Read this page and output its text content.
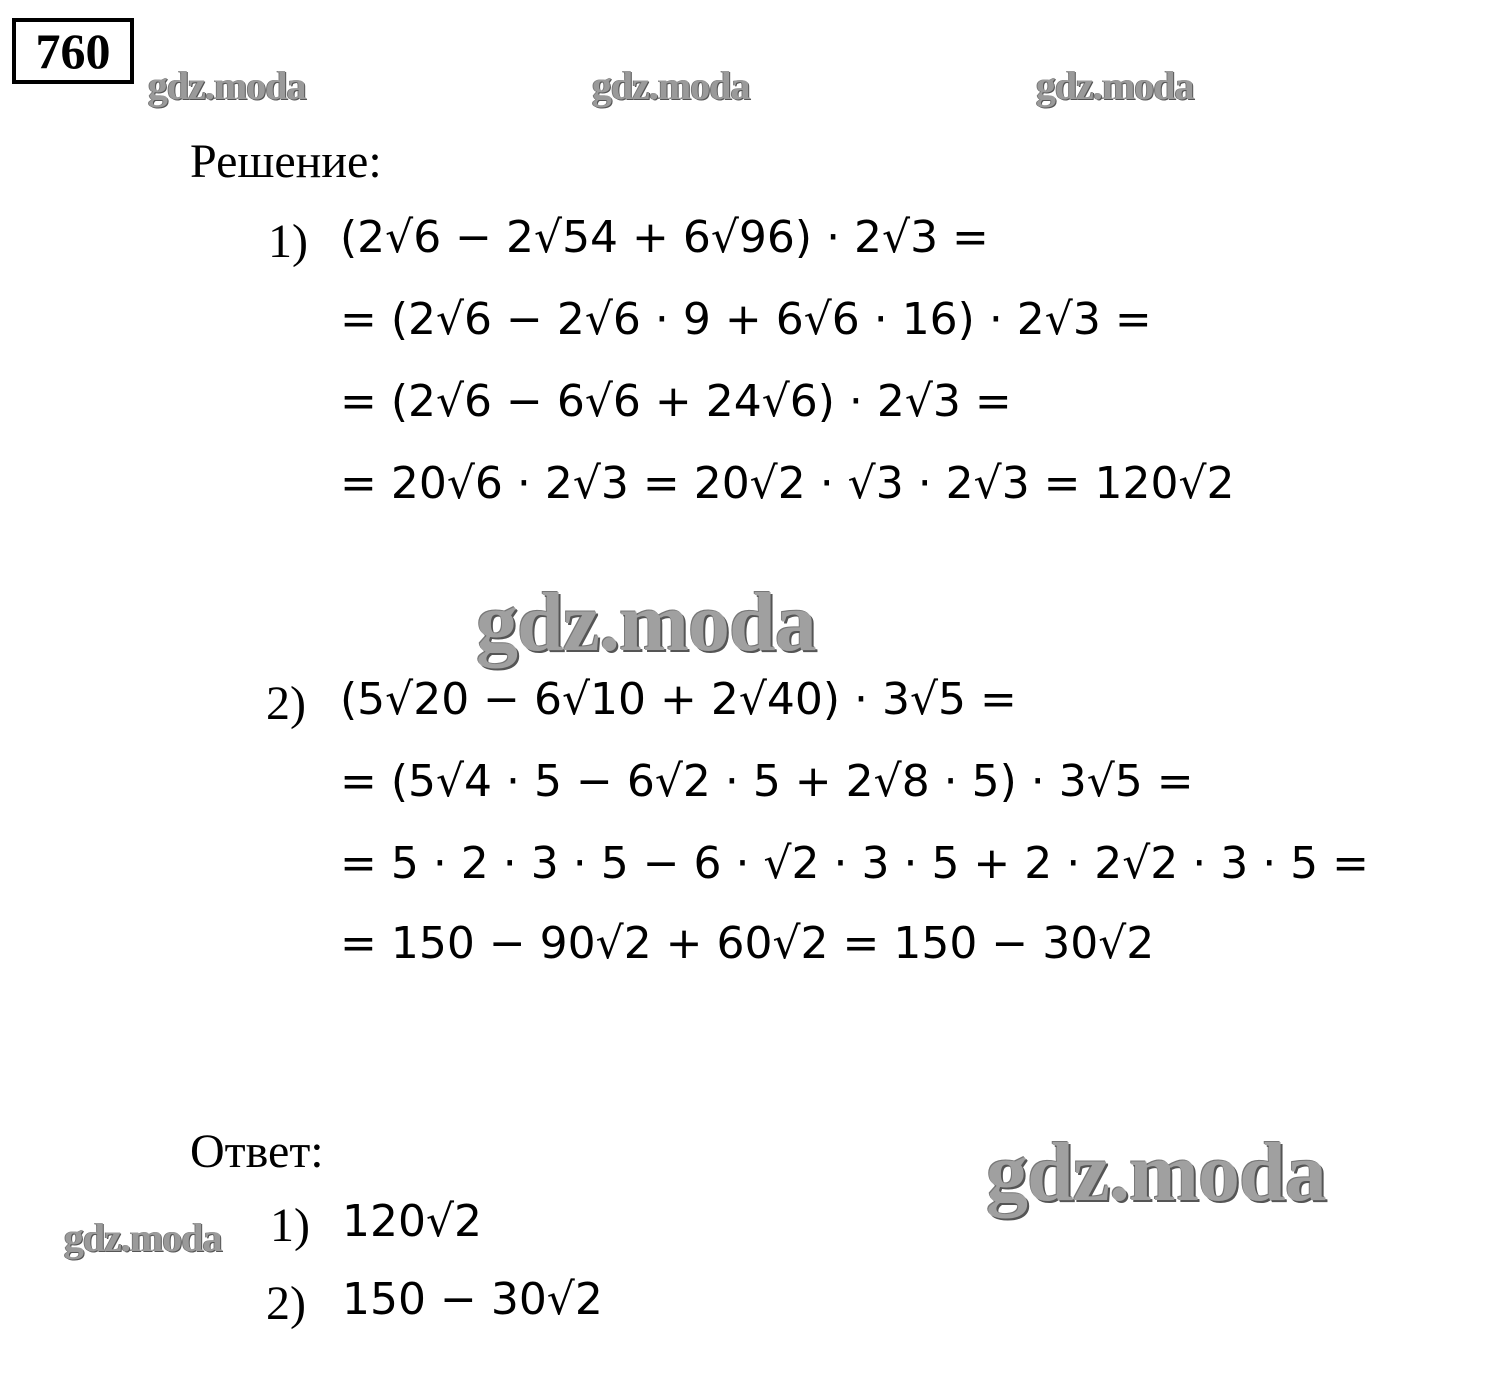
760
gdz.moda	gdz.moda	gdz.moda
Решение:
1) (2√6 − 2√54 + 6√96) · 2√3 =
= (2√6 − 2√6 · 9 + 6√6 · 16) · 2√3 =
= (2√6 − 6√6 + 24√6) · 2√3 =
= 20√6 · 2√3 = 20√2 · √3 · 2√3 = 120√2
gdz.moda
2) (5√20 − 6√10 + 2√40) · 3√5 =
= (5√4 · 5 − 6√2 · 5 + 2√8 · 5) · 3√5 =
= 5 · 2 · 3 · 5 − 6 · √2 · 3 · 5 + 2 · 2√2 · 3 · 5 =
= 150 − 90√2 + 60√2 = 150 − 30√2
Ответ:	gdz.moda
gdz.moda 1) 120√2
2) 150 − 30√2
